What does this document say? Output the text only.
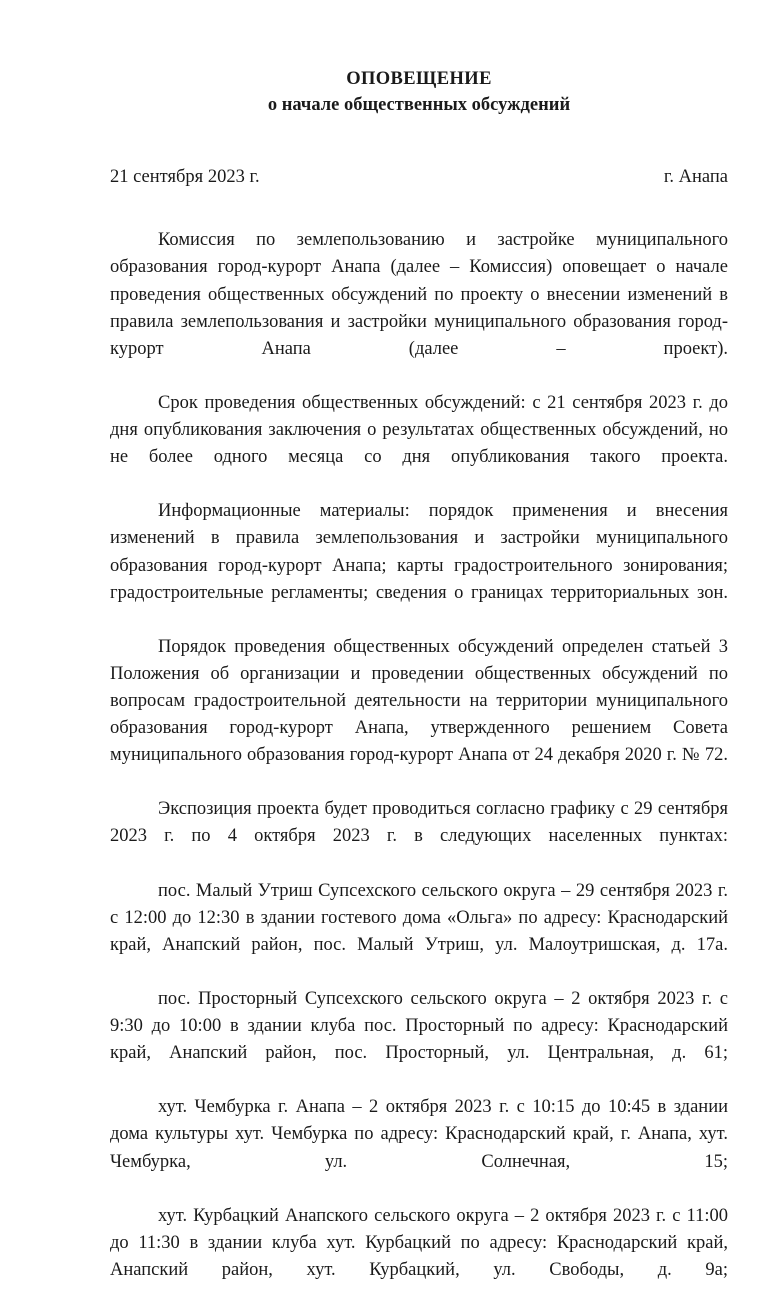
ОПОВЕЩЕНИЕ
о начале общественных обсуждений
21 сентября 2023 г.	г. Анапа

Комиссия по землепользованию и застройке муниципального образования город-курорт Анапа (далее – Комиссия) оповещает о начале проведения общественных обсуждений по проекту о внесении изменений в правила землепользования и застройки муниципального образования город-курорт Анапа (далее – проект).

Срок проведения общественных обсуждений: с 21 сентября 2023 г. до дня опубликования заключения о результатах общественных обсуждений, но не более одного месяца со дня опубликования такого проекта.

Информационные материалы: порядок применения и внесения изменений в правила землепользования и застройки муниципального образования город-курорт Анапа; карты градостроительного зонирования; градостроительные регламенты; сведения о границах территориальных зон.

Порядок проведения общественных обсуждений определен статьей 3 Положения об организации и проведении общественных обсуждений по вопросам градостроительной деятельности на территории муниципального образования город-курорт Анапа, утвержденного решением Совета муниципального образования город-курорт Анапа от 24 декабря 2020 г. № 72.

Экспозиция проекта будет проводиться согласно графику с 29 сентября 2023 г. по 4 октября 2023 г. в следующих населенных пунктах:

пос. Малый Утриш Супсехского сельского округа – 29 сентября 2023 г. с 12:00 до 12:30 в здании гостевого дома «Ольга» по адресу: Краснодарский край, Анапский район, пос. Малый Утриш, ул. Малоутришская, д. 17а.

пос. Просторный Супсехского сельского округа – 2 октября 2023 г. с 9:30 до 10:00 в здании клуба пос. Просторный по адресу: Краснодарский край, Анапский район, пос. Просторный, ул. Центральная, д. 61;

хут. Чембурка г. Анапа – 2 октября 2023 г. с 10:15 до 10:45 в здании дома культуры хут. Чембурка по адресу: Краснодарский край, г. Анапа, хут. Чембурка, ул. Солнечная, 15;

хут. Курбацкий Анапского сельского округа – 2 октября 2023 г. с 11:00 до 11:30 в здании клуба хут. Курбацкий по адресу: Краснодарский край, Анапский район, хут. Курбацкий, ул. Свободы, д. 9а;
